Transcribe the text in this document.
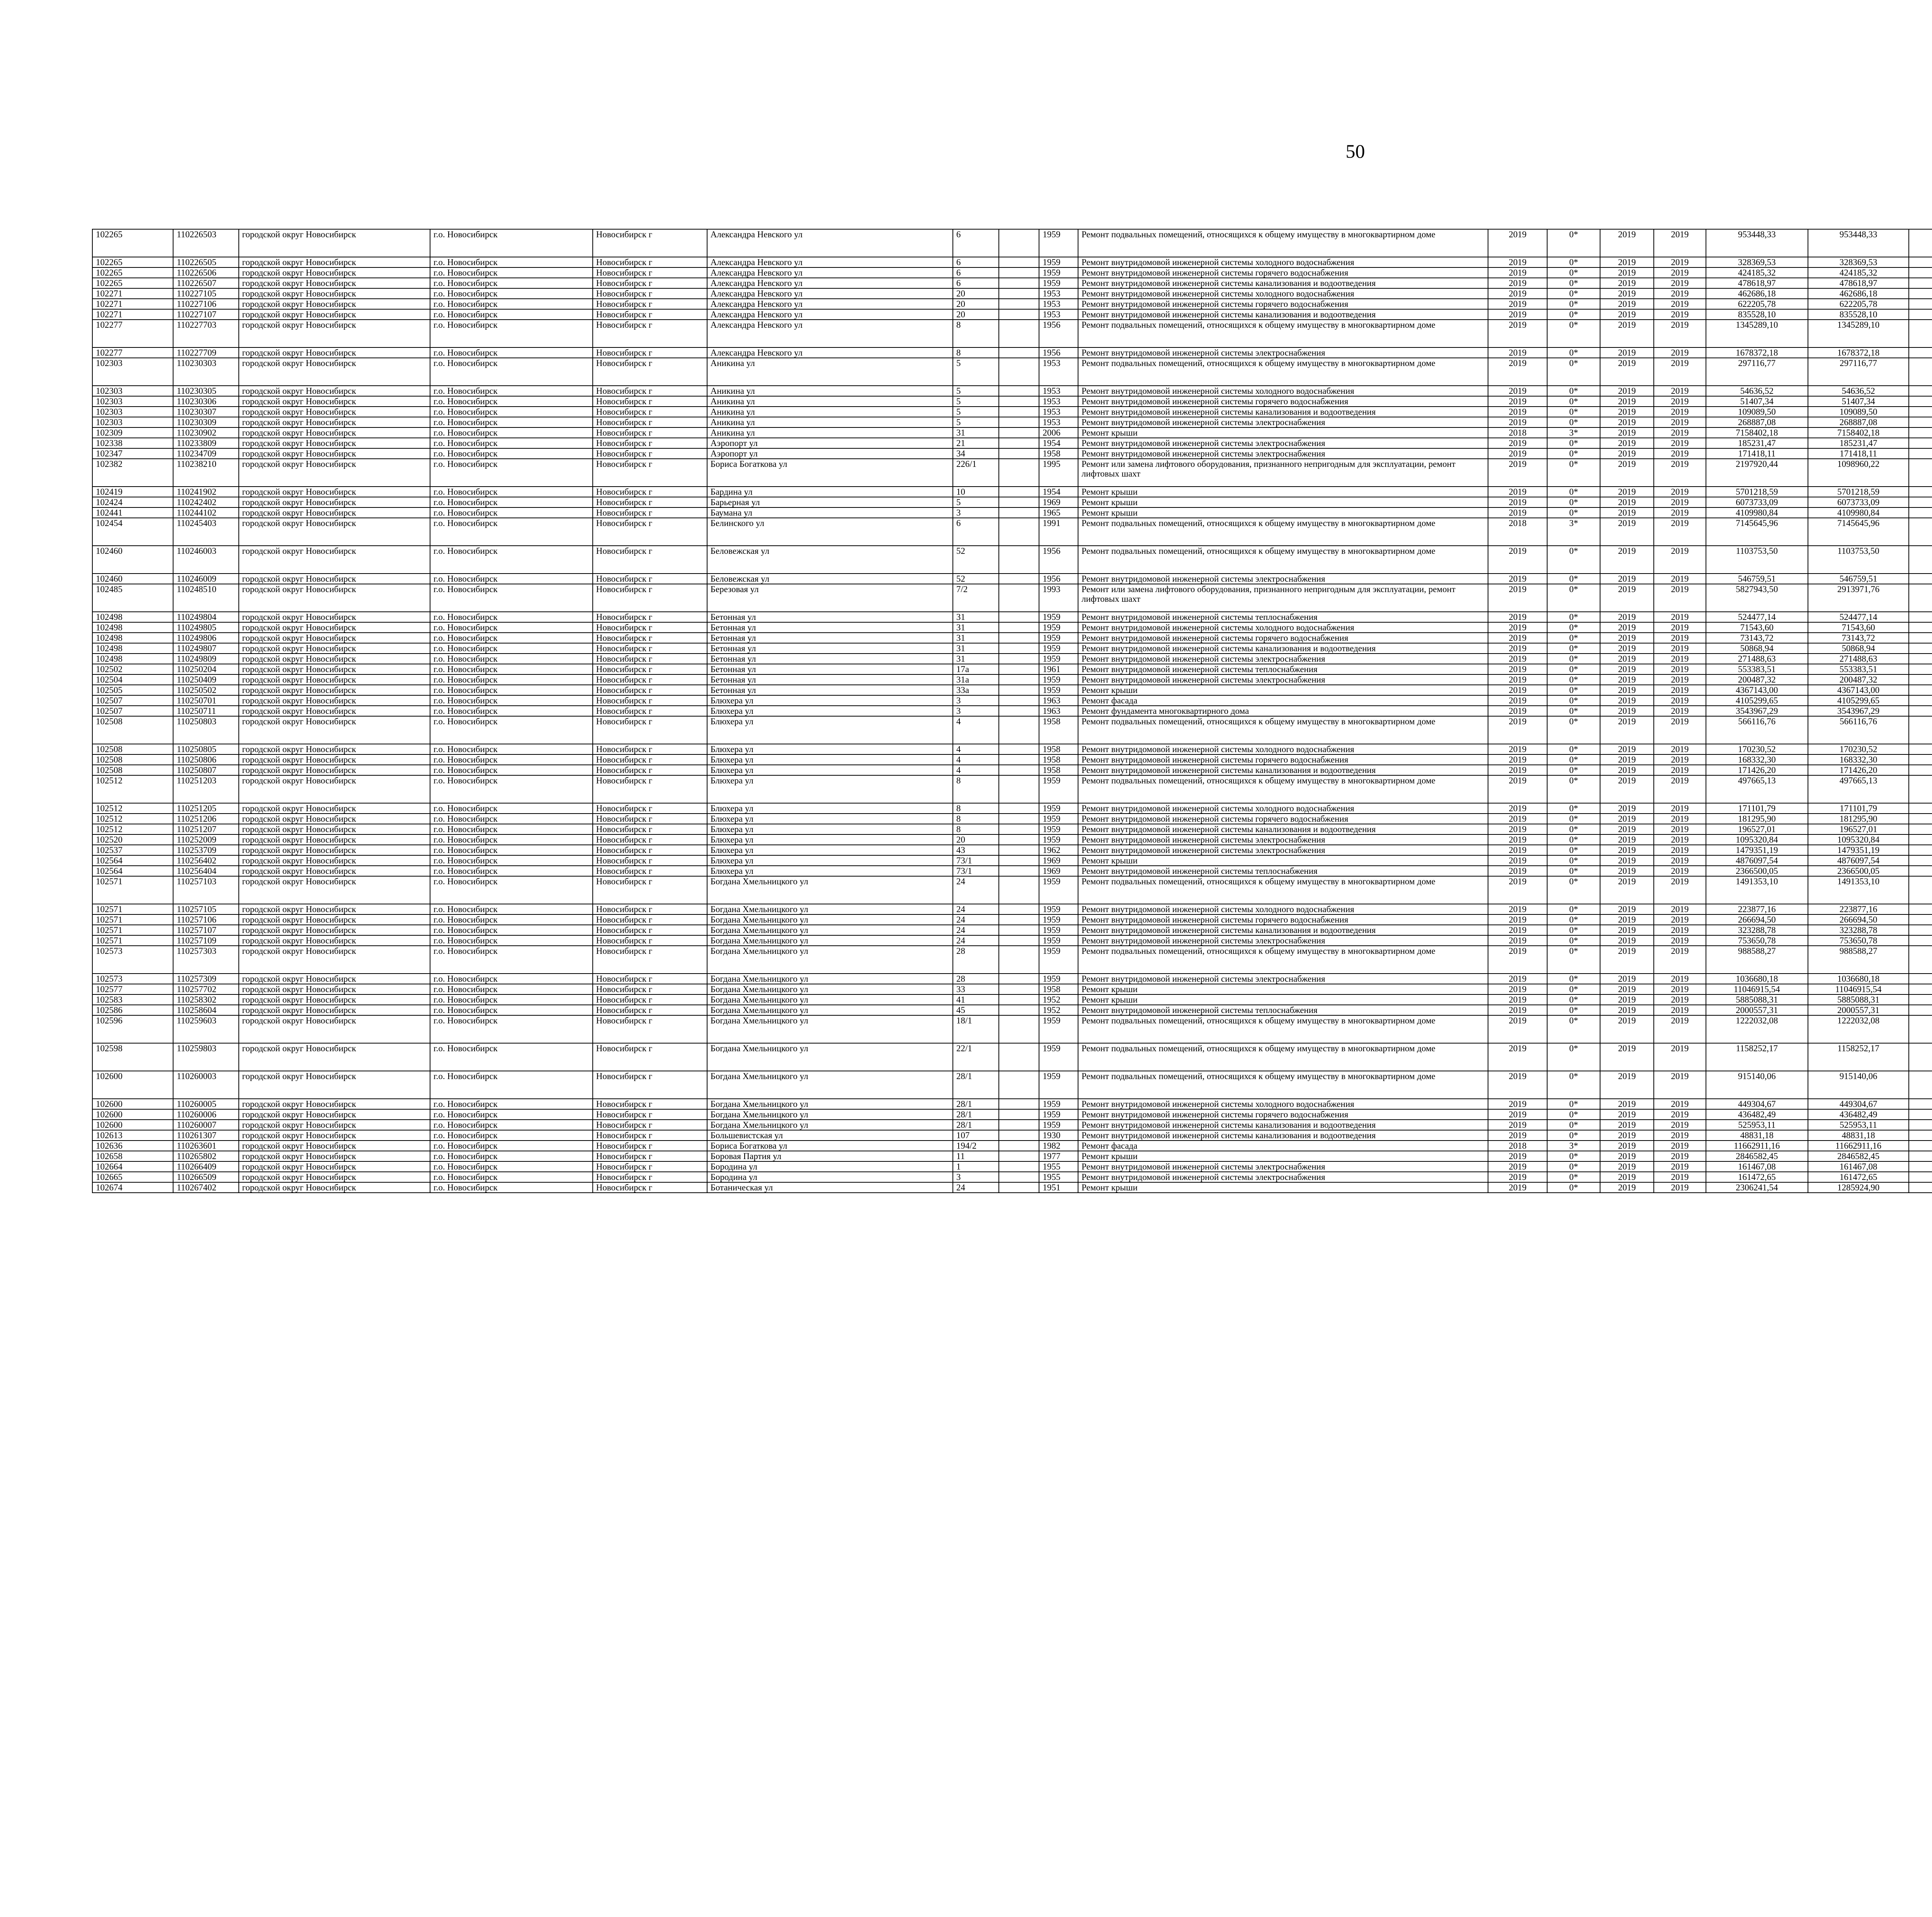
50
102265	110226503	городской округ Новосибирск	г.о. Новосибирск	Новосибирск г	Александра Невского ул	6		1959	Ремонт подвальных помещений, относящихся к общему имуществу в многоквартирном доме	2019	0*	2019	2019	953448,33	953448,33						
102265	110226505	городской округ Новосибирск	г.о. Новосибирск	Новосибирск г	Александра Невского ул	6		1959	Ремонт внутридомовой инженерной системы холодного водоснабжения	2019	0*	2019	2019	328369,53	328369,53						
102265	110226506	городской округ Новосибирск	г.о. Новосибирск	Новосибирск г	Александра Невского ул	6		1959	Ремонт внутридомовой инженерной системы горячего водоснабжения	2019	0*	2019	2019	424185,32	424185,32						
102265	110226507	городской округ Новосибирск	г.о. Новосибирск	Новосибирск г	Александра Невского ул	6		1959	Ремонт внутридомовой инженерной системы канализования и водоотведения	2019	0*	2019	2019	478618,97	478618,97						
102271	110227105	городской округ Новосибирск	г.о. Новосибирск	Новосибирск г	Александра Невского ул	20		1953	Ремонт внутридомовой инженерной системы холодного водоснабжения	2019	0*	2019	2019	462686,18	462686,18						
102271	110227106	городской округ Новосибирск	г.о. Новосибирск	Новосибирск г	Александра Невского ул	20		1953	Ремонт внутридомовой инженерной системы горячего водоснабжения	2019	0*	2019	2019	622205,78	622205,78						
102271	110227107	городской округ Новосибирск	г.о. Новосибирск	Новосибирск г	Александра Невского ул	20		1953	Ремонт внутридомовой инженерной системы канализования и водоотведения	2019	0*	2019	2019	835528,10	835528,10						
102277	110227703	городской округ Новосибирск	г.о. Новосибирск	Новосибирск г	Александра Невского ул	8		1956	Ремонт подвальных помещений, относящихся к общему имуществу в многоквартирном доме	2019	0*	2019	2019	1345289,10	1345289,10						
102277	110227709	городской округ Новосибирск	г.о. Новосибирск	Новосибирск г	Александра Невского ул	8		1956	Ремонт внутридомовой инженерной системы электроснабжения	2019	0*	2019	2019	1678372,18	1678372,18						
102303	110230303	городской округ Новосибирск	г.о. Новосибирск	Новосибирск г	Аникина ул	5		1953	Ремонт подвальных помещений, относящихся к общему имуществу в многоквартирном доме	2019	0*	2019	2019	297116,77	297116,77						
102303	110230305	городской округ Новосибирск	г.о. Новосибирск	Новосибирск г	Аникина ул	5		1953	Ремонт внутридомовой инженерной системы холодного водоснабжения	2019	0*	2019	2019	54636,52	54636,52						
102303	110230306	городской округ Новосибирск	г.о. Новосибирск	Новосибирск г	Аникина ул	5		1953	Ремонт внутридомовой инженерной системы горячего водоснабжения	2019	0*	2019	2019	51407,34	51407,34						
102303	110230307	городской округ Новосибирск	г.о. Новосибирск	Новосибирск г	Аникина ул	5		1953	Ремонт внутридомовой инженерной системы канализования и водоотведения	2019	0*	2019	2019	109089,50	109089,50						
102303	110230309	городской округ Новосибирск	г.о. Новосибирск	Новосибирск г	Аникина ул	5		1953	Ремонт внутридомовой инженерной системы электроснабжения	2019	0*	2019	2019	268887,08	268887,08						
102309	110230902	городской округ Новосибирск	г.о. Новосибирск	Новосибирск г	Аникина ул	31		2006	Ремонт крыши	2018	3*	2019	2019	7158402,18	7158402,18						
102338	110233809	городской округ Новосибирск	г.о. Новосибирск	Новосибирск г	Аэропорт ул	21		1954	Ремонт внутридомовой инженерной системы электроснабжения	2019	0*	2019	2019	185231,47	185231,47						
102347	110234709	городской округ Новосибирск	г.о. Новосибирск	Новосибирск г	Аэропорт ул	34		1958	Ремонт внутридомовой инженерной системы электроснабжения	2019	0*	2019	2019	171418,11	171418,11						
102382	110238210	городской округ Новосибирск	г.о. Новосибирск	Новосибирск г	Бориса Богаткова ул	226/1		1995	Ремонт или замена лифтового оборудования, признанного непригодным для эксплуатации, ремонт лифтовых шахт	2019	0*	2019	2019	2197920,44	1098960,22						
102419	110241902	городской округ Новосибирск	г.о. Новосибирск	Новосибирск г	Бардина ул	10		1954	Ремонт крыши	2019	0*	2019	2019	5701218,59	5701218,59						
102424	110242402	городской округ Новосибирск	г.о. Новосибирск	Новосибирск г	Барьерная ул	5		1969	Ремонт крыши	2019	0*	2019	2019	6073733,09	6073733,09						
102441	110244102	городской округ Новосибирск	г.о. Новосибирск	Новосибирск г	Бауманa ул	3		1965	Ремонт крыши	2019	0*	2019	2019	4109980,84	4109980,84						
102454	110245403	городской округ Новосибирск	г.о. Новосибирск	Новосибирск г	Белинского ул	6		1991	Ремонт подвальных помещений, относящихся к общему имуществу в многоквартирном доме	2018	3*	2019	2019	7145645,96	7145645,96						
102460	110246003	городской округ Новосибирск	г.о. Новосибирск	Новосибирск г	Беловежская ул	52		1956	Ремонт подвальных помещений, относящихся к общему имуществу в многоквартирном доме	2019	0*	2019	2019	1103753,50	1103753,50						
102460	110246009	городской округ Новосибирск	г.о. Новосибирск	Новосибирск г	Беловежская ул	52		1956	Ремонт внутридомовой инженерной системы электроснабжения	2019	0*	2019	2019	546759,51	546759,51						
102485	110248510	городской округ Новосибирск	г.о. Новосибирск	Новосибирск г	Березовая ул	7/2		1993	Ремонт или замена лифтового оборудования, признанного непригодным для эксплуатации, ремонт лифтовых шахт	2019	0*	2019	2019	5827943,50	2913971,76						
102498	110249804	городской округ Новосибирск	г.о. Новосибирск	Новосибирск г	Бетонная ул	31		1959	Ремонт внутридомовой инженерной системы теплоснабжения	2019	0*	2019	2019	524477,14	524477,14						
102498	110249805	городской округ Новосибирск	г.о. Новосибирск	Новосибирск г	Бетонная ул	31		1959	Ремонт внутридомовой инженерной системы холодного водоснабжения	2019	0*	2019	2019	71543,60	71543,60						
102498	110249806	городской округ Новосибирск	г.о. Новосибирск	Новосибирск г	Бетонная ул	31		1959	Ремонт внутридомовой инженерной системы горячего водоснабжения	2019	0*	2019	2019	73143,72	73143,72						
102498	110249807	городской округ Новосибирск	г.о. Новосибирск	Новосибирск г	Бетонная ул	31		1959	Ремонт внутридомовой инженерной системы канализования и водоотведения	2019	0*	2019	2019	50868,94	50868,94						
102498	110249809	городской округ Новосибирск	г.о. Новосибирск	Новосибирск г	Бетонная ул	31		1959	Ремонт внутридомовой инженерной системы электроснабжения	2019	0*	2019	2019	271488,63	271488,63						
102502	110250204	городской округ Новосибирск	г.о. Новосибирск	Новосибирск г	Бетонная ул	17а		1961	Ремонт внутридомовой инженерной системы теплоснабжения	2019	0*	2019	2019	553383,51	553383,51						
102504	110250409	городской округ Новосибирск	г.о. Новосибирск	Новосибирск г	Бетонная ул	31а		1959	Ремонт внутридомовой инженерной системы электроснабжения	2019	0*	2019	2019	200487,32	200487,32						
102505	110250502	городской округ Новосибирск	г.о. Новосибирск	Новосибирск г	Бетонная ул	33а		1959	Ремонт крыши	2019	0*	2019	2019	4367143,00	4367143,00						
102507	110250701	городской округ Новосибирск	г.о. Новосибирск	Новосибирск г	Блюхера ул	3		1963	Ремонт фасада	2019	0*	2019	2019	4105299,65	4105299,65						
102507	110250711	городской округ Новосибирск	г.о. Новосибирск	Новосибирск г	Блюхера ул	3		1963	Ремонт фундамента многоквартирного дома	2019	0*	2019	2019	3543967,29	3543967,29						
102508	110250803	городской округ Новосибирск	г.о. Новосибирск	Новосибирск г	Блюхера ул	4		1958	Ремонт подвальных помещений, относящихся к общему имуществу в многоквартирном доме	2019	0*	2019	2019	566116,76	566116,76						
102508	110250805	городской округ Новосибирск	г.о. Новосибирск	Новосибирск г	Блюхера ул	4		1958	Ремонт внутридомовой инженерной системы холодного водоснабжения	2019	0*	2019	2019	170230,52	170230,52						
102508	110250806	городской округ Новосибирск	г.о. Новосибирск	Новосибирск г	Блюхера ул	4		1958	Ремонт внутридомовой инженерной системы горячего водоснабжения	2019	0*	2019	2019	168332,30	168332,30						
102508	110250807	городской округ Новосибирск	г.о. Новосибирск	Новосибирск г	Блюхера ул	4		1958	Ремонт внутридомовой инженерной системы канализования и водоотведения	2019	0*	2019	2019	171426,20	171426,20						
102512	110251203	городской округ Новосибирск	г.о. Новосибирск	Новосибирск г	Блюхера ул	8		1959	Ремонт подвальных помещений, относящихся к общему имуществу в многоквартирном доме	2019	0*	2019	2019	497665,13	497665,13						
102512	110251205	городской округ Новосибирск	г.о. Новосибирск	Новосибирск г	Блюхера ул	8		1959	Ремонт внутридомовой инженерной системы холодного водоснабжения	2019	0*	2019	2019	171101,79	171101,79						
102512	110251206	городской округ Новосибирск	г.о. Новосибирск	Новосибирск г	Блюхера ул	8		1959	Ремонт внутридомовой инженерной системы горячего водоснабжения	2019	0*	2019	2019	181295,90	181295,90						
102512	110251207	городской округ Новосибирск	г.о. Новосибирск	Новосибирск г	Блюхера ул	8		1959	Ремонт внутридомовой инженерной системы канализования и водоотведения	2019	0*	2019	2019	196527,01	196527,01						
102520	110252009	городской округ Новосибирск	г.о. Новосибирск	Новосибирск г	Блюхера ул	20		1959	Ремонт внутридомовой инженерной системы электроснабжения	2019	0*	2019	2019	1095320,84	1095320,84						
102537	110253709	городской округ Новосибирск	г.о. Новосибирск	Новосибирск г	Блюхера ул	43		1962	Ремонт внутридомовой инженерной системы электроснабжения	2019	0*	2019	2019	1479351,19	1479351,19						
102564	110256402	городской округ Новосибирск	г.о. Новосибирск	Новосибирск г	Блюхера ул	73/1		1969	Ремонт крыши	2019	0*	2019	2019	4876097,54	4876097,54						
102564	110256404	городской округ Новосибирск	г.о. Новосибирск	Новосибирск г	Блюхера ул	73/1		1969	Ремонт внутридомовой инженерной системы теплоснабжения	2019	0*	2019	2019	2366500,05	2366500,05						
102571	110257103	городской округ Новосибирск	г.о. Новосибирск	Новосибирск г	Богдана Хмельницкого ул	24		1959	Ремонт подвальных помещений, относящихся к общему имуществу в многоквартирном доме	2019	0*	2019	2019	1491353,10	1491353,10						
102571	110257105	городской округ Новосибирск	г.о. Новосибирск	Новосибирск г	Богдана Хмельницкого ул	24		1959	Ремонт внутридомовой инженерной системы холодного водоснабжения	2019	0*	2019	2019	223877,16	223877,16						
102571	110257106	городской округ Новосибирск	г.о. Новосибирск	Новосибирск г	Богдана Хмельницкого ул	24		1959	Ремонт внутридомовой инженерной системы горячего водоснабжения	2019	0*	2019	2019	266694,50	266694,50						
102571	110257107	городской округ Новосибирск	г.о. Новосибирск	Новосибирск г	Богдана Хмельницкого ул	24		1959	Ремонт внутридомовой инженерной системы канализования и водоотведения	2019	0*	2019	2019	323288,78	323288,78						
102571	110257109	городской округ Новосибирск	г.о. Новосибирск	Новосибирск г	Богдана Хмельницкого ул	24		1959	Ремонт внутридомовой инженерной системы электроснабжения	2019	0*	2019	2019	753650,78	753650,78						
102573	110257303	городской округ Новосибирск	г.о. Новосибирск	Новосибирск г	Богдана Хмельницкого ул	28		1959	Ремонт подвальных помещений, относящихся к общему имуществу в многоквартирном доме	2019	0*	2019	2019	988588,27	988588,27						
102573	110257309	городской округ Новосибирск	г.о. Новосибирск	Новосибирск г	Богдана Хмельницкого ул	28		1959	Ремонт внутридомовой инженерной системы электроснабжения	2019	0*	2019	2019	1036680,18	1036680,18						
102577	110257702	городской округ Новосибирск	г.о. Новосибирск	Новосибирск г	Богдана Хмельницкого ул	33		1958	Ремонт крыши	2019	0*	2019	2019	11046915,54	11046915,54						
102583	110258302	городской округ Новосибирск	г.о. Новосибирск	Новосибирск г	Богдана Хмельницкого ул	41		1952	Ремонт крыши	2019	0*	2019	2019	5885088,31	5885088,31						
102586	110258604	городской округ Новосибирск	г.о. Новосибирск	Новосибирск г	Богдана Хмельницкого ул	45		1952	Ремонт внутридомовой инженерной системы теплоснабжения	2019	0*	2019	2019	2000557,31	2000557,31						
102596	110259603	городской округ Новосибирск	г.о. Новосибирск	Новосибирск г	Богдана Хмельницкого ул	18/1		1959	Ремонт подвальных помещений, относящихся к общему имуществу в многоквартирном доме	2019	0*	2019	2019	1222032,08	1222032,08						
102598	110259803	городской округ Новосибирск	г.о. Новосибирск	Новосибирск г	Богдана Хмельницкого ул	22/1		1959	Ремонт подвальных помещений, относящихся к общему имуществу в многоквартирном доме	2019	0*	2019	2019	1158252,17	1158252,17						
102600	110260003	городской округ Новосибирск	г.о. Новосибирск	Новосибирск г	Богдана Хмельницкого ул	28/1		1959	Ремонт подвальных помещений, относящихся к общему имуществу в многоквартирном доме	2019	0*	2019	2019	915140,06	915140,06						
102600	110260005	городской округ Новосибирск	г.о. Новосибирск	Новосибирск г	Богдана Хмельницкого ул	28/1		1959	Ремонт внутридомовой инженерной системы холодного водоснабжения	2019	0*	2019	2019	449304,67	449304,67						
102600	110260006	городской округ Новосибирск	г.о. Новосибирск	Новосибирск г	Богдана Хмельницкого ул	28/1		1959	Ремонт внутридомовой инженерной системы горячего водоснабжения	2019	0*	2019	2019	436482,49	436482,49						
102600	110260007	городской округ Новосибирск	г.о. Новосибирск	Новосибирск г	Богдана Хмельницкого ул	28/1		1959	Ремонт внутридомовой инженерной системы канализования и водоотведения	2019	0*	2019	2019	525953,11	525953,11						
102613	110261307	городской округ Новосибирск	г.о. Новосибирск	Новосибирск г	Большевистская ул	107		1930	Ремонт внутридомовой инженерной системы канализования и водоотведения	2019	0*	2019	2019	48831,18	48831,18						
102636	110263601	городской округ Новосибирск	г.о. Новосибирск	Новосибирск г	Бориса Богаткова ул	194/2		1982	Ремонт фасада	2018	3*	2019	2019	11662911,16	11662911,16						
102658	110265802	городской округ Новосибирск	г.о. Новосибирск	Новосибирск г	Боровая Партия ул	11		1977	Ремонт крыши	2019	0*	2019	2019	2846582,45	2846582,45						
102664	110266409	городской округ Новосибирск	г.о. Новосибирск	Новосибирск г	Бородина ул	1		1955	Ремонт внутридомовой инженерной системы электроснабжения	2019	0*	2019	2019	161467,08	161467,08						
102665	110266509	городской округ Новосибирск	г.о. Новосибирск	Новосибирск г	Бородина ул	3		1955	Ремонт внутридомовой инженерной системы электроснабжения	2019	0*	2019	2019	161472,65	161472,65						
102674	110267402	городской округ Новосибирск	г.о. Новосибирск	Новосибирск г	Ботаническая ул	24		1951	Ремонт крыши	2019	0*	2019	2019	2306241,54	1285924,90						
